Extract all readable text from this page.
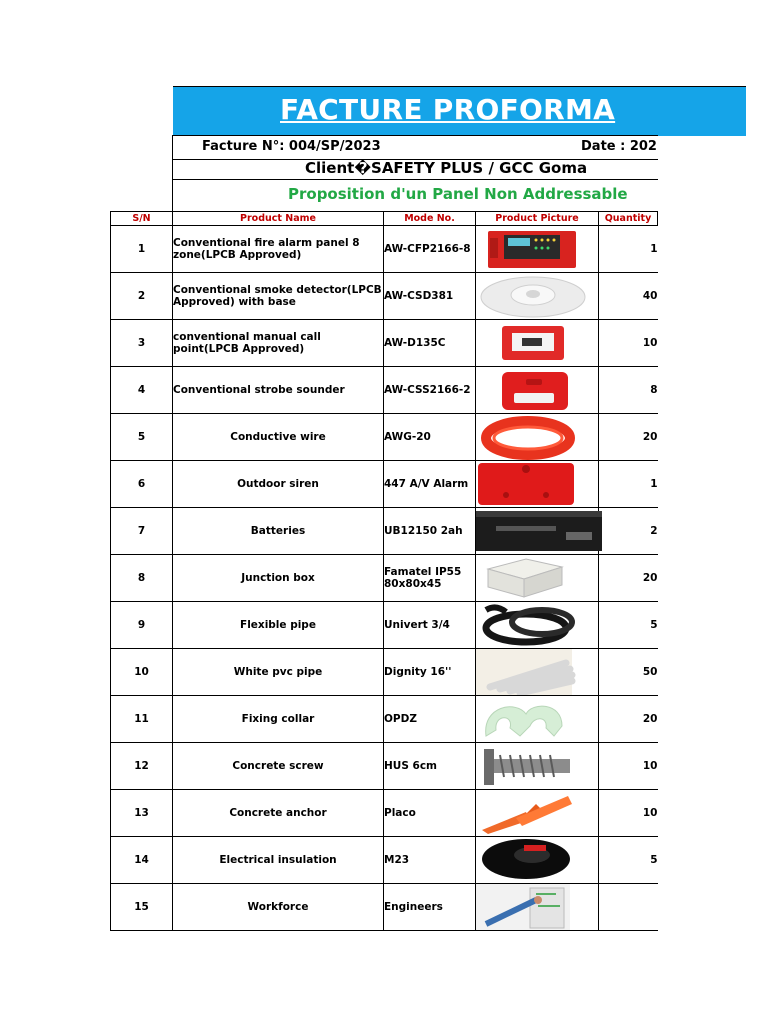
FACTURE PROFORMA
Facture N°: 004/SP/2023	Date : 202
Client�SAFETY PLUS / GCC Goma
Proposition d'un Panel Non Addressable
S/N	Product Name	Mode No.	Product Picture	Quantity
1	Conventional fire alarm panel 8 zone(LPCB Approved)	AW-CFP2166-8		1
2	Conventional smoke detector(LPCB Approved) with base	AW-CSD381		40
3	conventional manual call point(LPCB Approved)	AW-D135C		10
4	Conventional strobe sounder	AW-CSS2166-2		8
5	Conductive wire	AWG-20		20
6	Outdoor siren	447 A/V Alarm		1
7	Batteries	UB12150 2ah		2
8	Junction box	Famatel IP55 80x80x45		20
9	Flexible pipe	Univert 3/4		5
10	White pvc pipe	Dignity 16''		50
11	Fixing collar	OPDZ		20
12	Concrete screw	HUS 6cm		10
13	Concrete anchor	Placo		10
14	Electrical insulation	M23		5
15	Workforce	Engineers	
